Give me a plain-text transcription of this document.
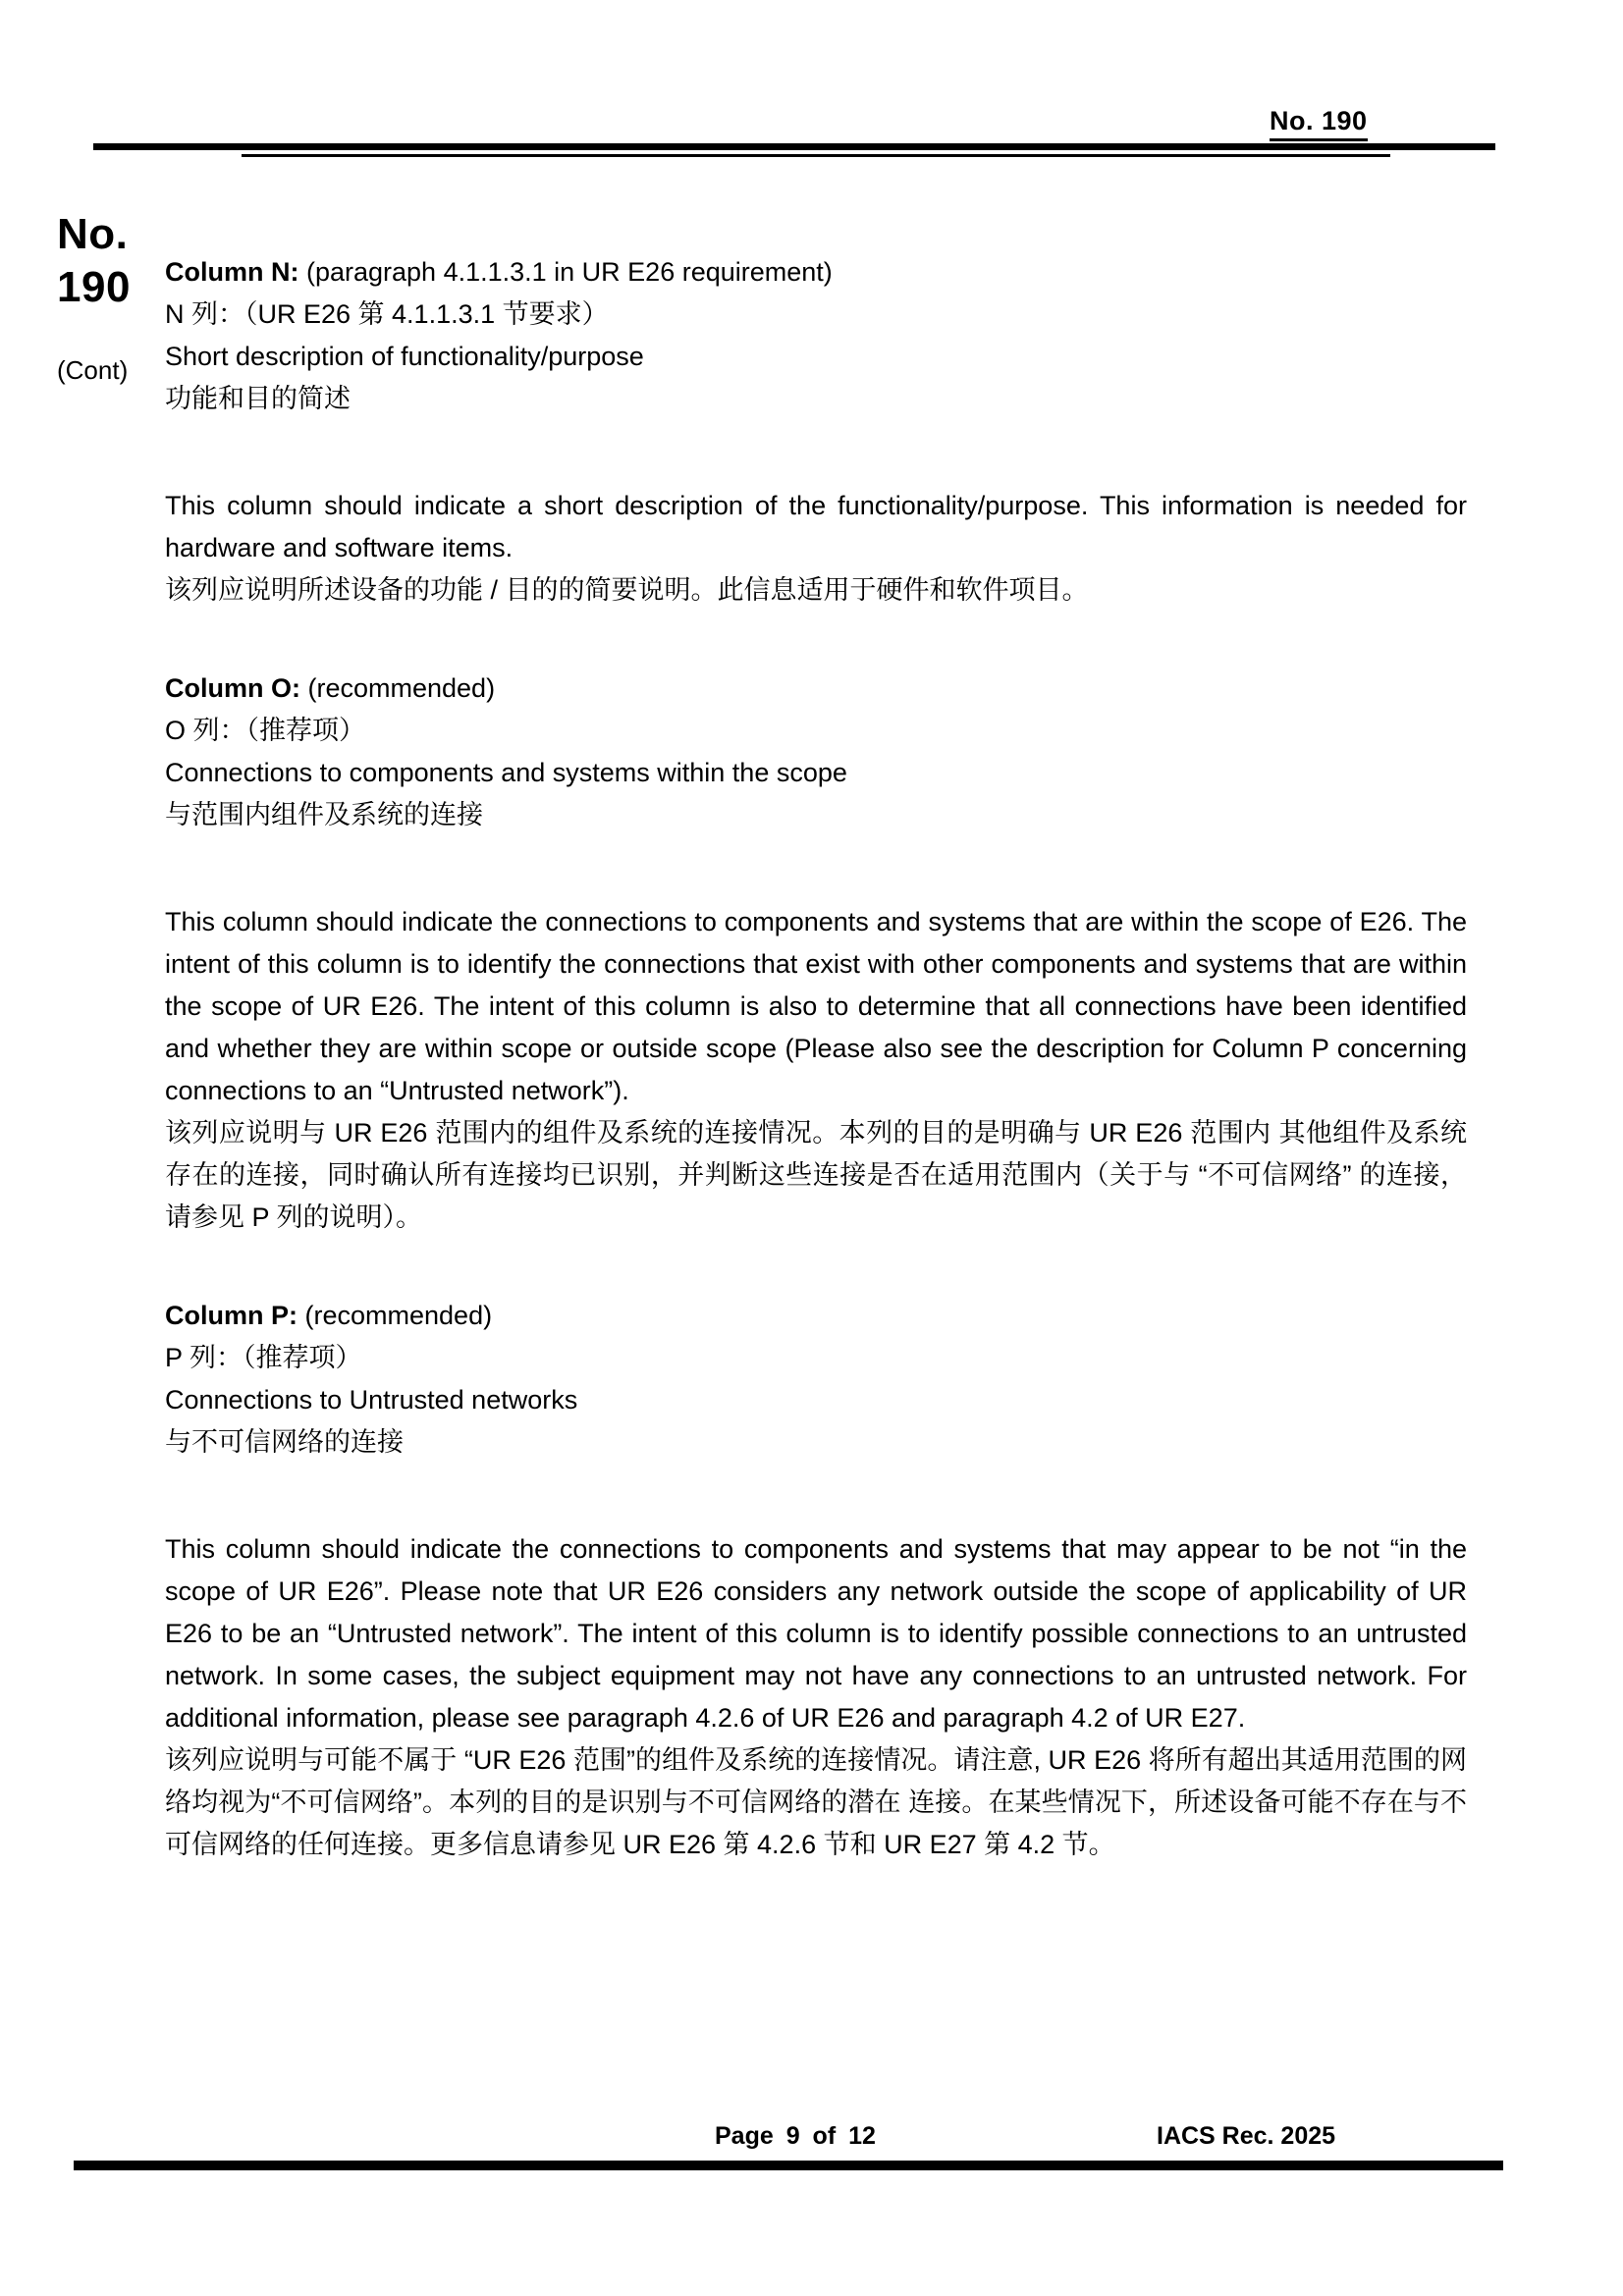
No. 190
No.
190
(Cont)

Column N: (paragraph 4.1.1.3.1 in UR E26 requirement)

N 列：（UR E26 第 4.1.1.3.1 节要求）

Short description of functionality/purpose

功能和目的简述

This column should indicate a short description of the functionality/purpose. This information is needed for hardware and software items.

该列应说明所述设备的功能 / 目的的简要说明。此信息适用于硬件和软件项目。

Column O: (recommended)

O 列：（推荐项）

Connections to components and systems within the scope

与范围内组件及系统的连接

This column should indicate the connections to components and systems that are within the scope of E26. The intent of this column is to identify the connections that exist with other components and systems that are within the scope of UR E26. The intent of this column is also to determine that all connections have been identified and whether they are within scope or outside scope (Please also see the description for Column P concerning connections to an “Untrusted network”).

该列应说明与 UR E26 范围内的组件及系统的连接情况。本列的目的是明确与 UR E26 范围内 其他组件及系统存在的连接，同时确认所有连接均已识别，并判断这些连接是否在适用范围内（关于与 “不可信网络” 的连接，请参见 P 列的说明）。

Column P: (recommended)

P 列：（推荐项）

Connections to Untrusted networks

与不可信网络的连接

This column should indicate the connections to components and systems that may appear to be not “in the scope of UR E26”. Please note that UR E26 considers any network outside the scope of applicability of UR E26 to be an “Untrusted network”. The intent of this column is to identify possible connections to an untrusted network. In some cases, the subject equipment may not have any connections to an untrusted network. For additional information, please see paragraph 4.2.6 of UR E26 and paragraph 4.2 of UR E27.

该列应说明与可能不属于 “UR E26 范围”的组件及系统的连接情况。请注意, UR E26 将所有超出其适用范围的网络均视为“不可信网络”。本列的目的是识别与不可信网络的潜在 连接。在某些情况下，所述设备可能不存在与不可信网络的任何连接。更多信息请参见 UR E26 第 4.2.6 节和 UR E27 第 4.2 节。

Page 9 of 12	IACS Rec. 2025
